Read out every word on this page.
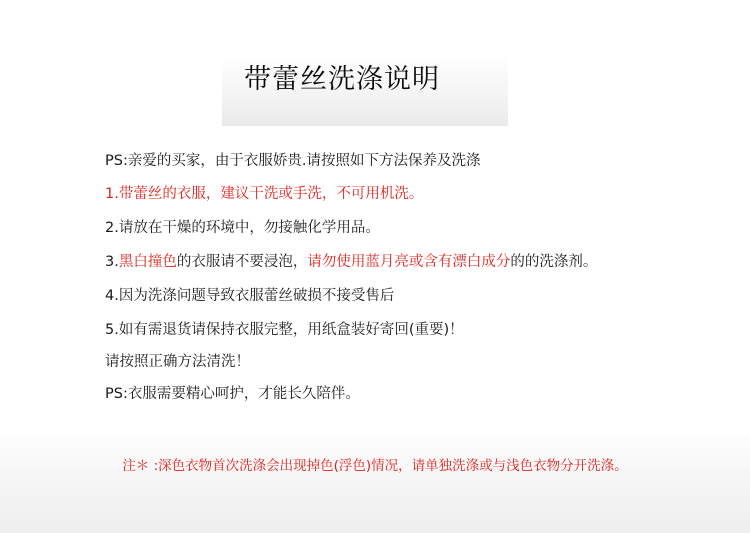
带蕾丝洗涤说明
PS:亲爱的买家，由于衣服娇贵.请按照如下方法保养及洗涤
1.带蕾丝的衣服，建议干洗或手洗，不可用机洗。
2.请放在干燥的环境中，勿接触化学用品。
3.黑白撞色的衣服请不要浸泡，请勿使用蓝月亮或含有漂白成分的的洗涤剂。
4.因为洗涤问题导致衣服蕾丝破损不接受售后
5.如有需退货请保持衣服完整，用纸盒装好寄回(重要)！
请按照正确方法清洗！
PS:衣服需要精心呵护，才能长久陪伴。
注＊ :深色衣物首次洗涤会出现掉色(浮色)情况，请单独洗涤或与浅色衣物分开洗涤。
